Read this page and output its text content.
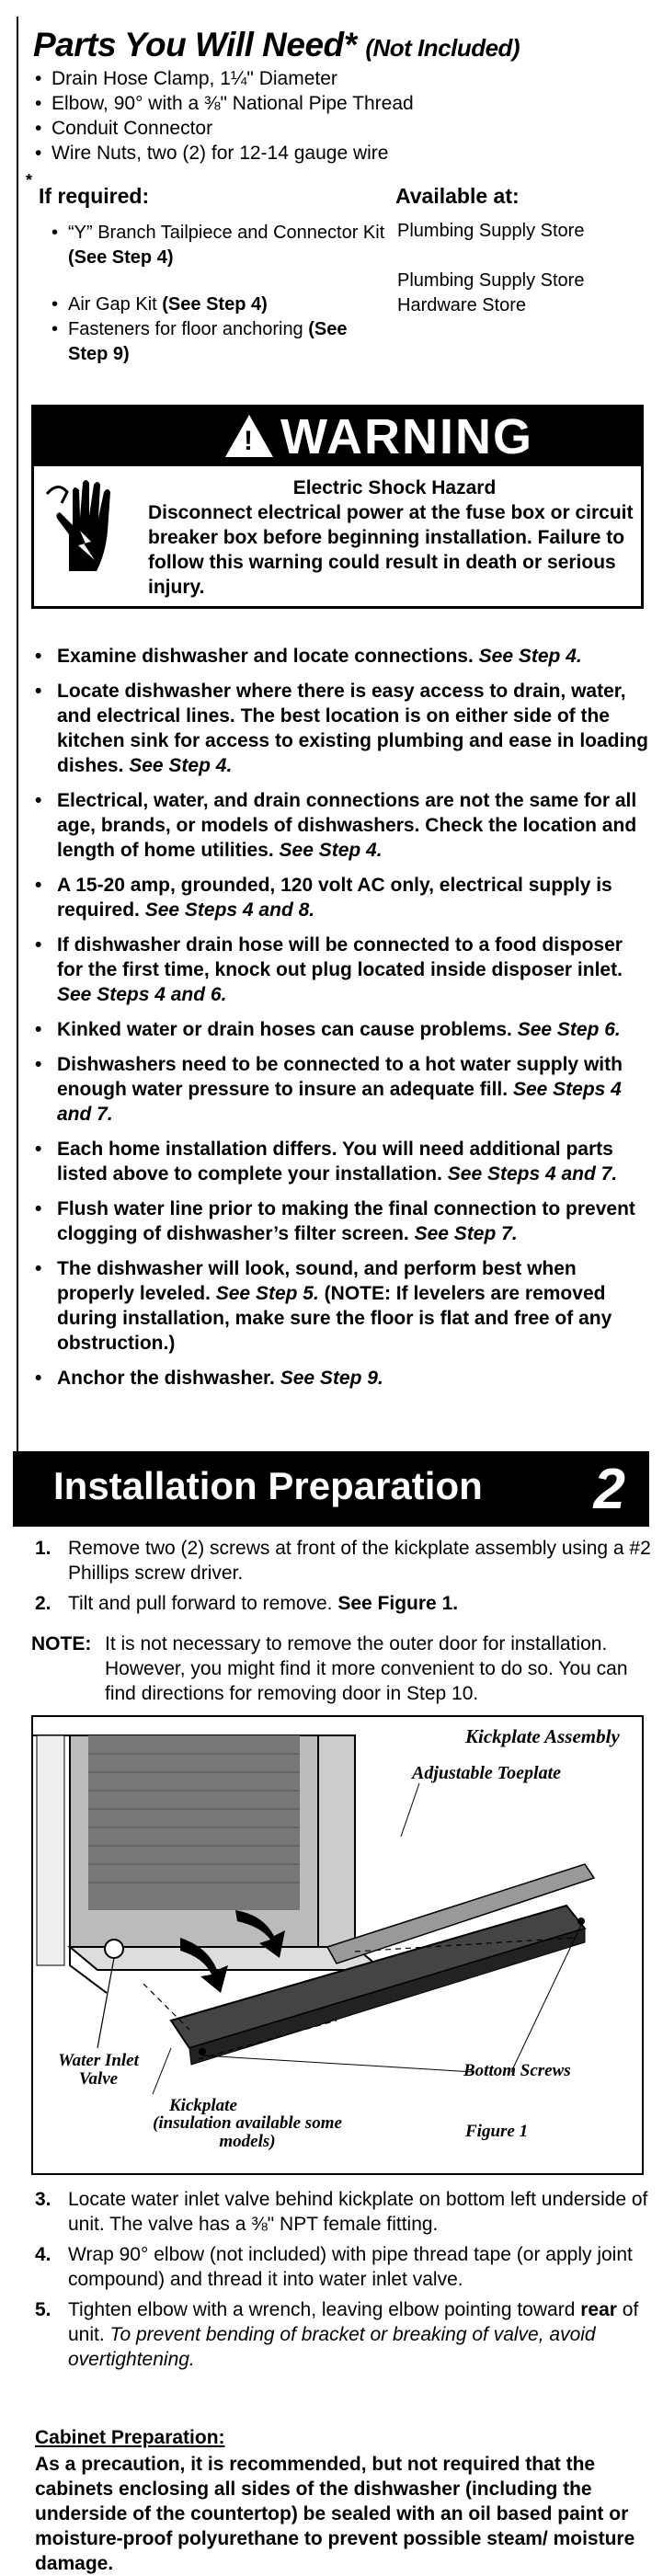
Parts You Will Need* (Not Included)
• Drain Hose Clamp, 1¼" Diameter
• Elbow, 90° with a ⅜" National Pipe Thread
• Conduit Connector
• Wire Nuts, two (2) for 12-14 gauge wire
*
If required:	Available at:
• “Y” Branch Tailpiece and Connector Kit (See Step 4)
• Air Gap Kit (See Step 4)
• Fasteners for floor anchoring (See Step 9)
Plumbing Supply Store
Plumbing Supply Store
Hardware Store
! WARNING
Electric Shock Hazard
Disconnect electrical power at the fuse box or circuit breaker box before beginning installation. Failure to follow this warning could result in death or serious injury.
• Examine dishwasher and locate connections. See Step 4.
• Locate dishwasher where there is easy access to drain, water, and electrical lines. The best location is on either side of the kitchen sink for access to existing plumbing and ease in loading dishes. See Step 4.
• Electrical, water, and drain connections are not the same for all age, brands, or models of dishwashers. Check the location and length of home utilities. See Step 4.
• A 15-20 amp, grounded, 120 volt AC only, electrical supply is required. See Steps 4 and 8.
• If dishwasher drain hose will be connected to a food disposer for the first time, knock out plug located inside disposer inlet. See Steps 4 and 6.
• Kinked water or drain hoses can cause problems. See Step 6.
• Dishwashers need to be connected to a hot water supply with enough water pressure to insure an adequate fill. See Steps 4 and 7.
• Each home installation differs. You will need additional parts listed above to complete your installation. See Steps 4 and 7.
• Flush water line prior to making the final connection to prevent clogging of dishwasher’s filter screen. See Step 7.
• The dishwasher will look, sound, and perform best when properly leveled. See Step 5. (NOTE: If levelers are removed during installation, make sure the floor is flat and free of any obstruction.)
• Anchor the dishwasher. See Step 9.
Installation Preparation 2
1. Remove two (2) screws at front of the kickplate assembly using a #2 Phillips screw driver.
2. Tilt and pull forward to remove. See Figure 1.
NOTE: It is not necessary to remove the outer door for installation. However, you might find it more convenient to do so. You can find directions for removing door in Step 10.
Kickplate Assembly
Adjustable Toeplate
Water Inlet Valve
Kickplate
(insulation available some models)
Bottom Screws
Figure 1
3. Locate water inlet valve behind kickplate on bottom left underside of unit. The valve has a ⅜" NPT female fitting.
4. Wrap 90° elbow (not included) with pipe thread tape (or apply joint compound) and thread it into water inlet valve.
5. Tighten elbow with a wrench, leaving elbow pointing toward rear of unit. To prevent bending of bracket or breaking of valve, avoid overtightening.
Cabinet Preparation:
As a precaution, it is recommended, but not required that the cabinets enclosing all sides of the dishwasher (including the underside of the countertop) be sealed with an oil based paint or moisture-proof polyurethane to prevent possible steam/ moisture damage.
